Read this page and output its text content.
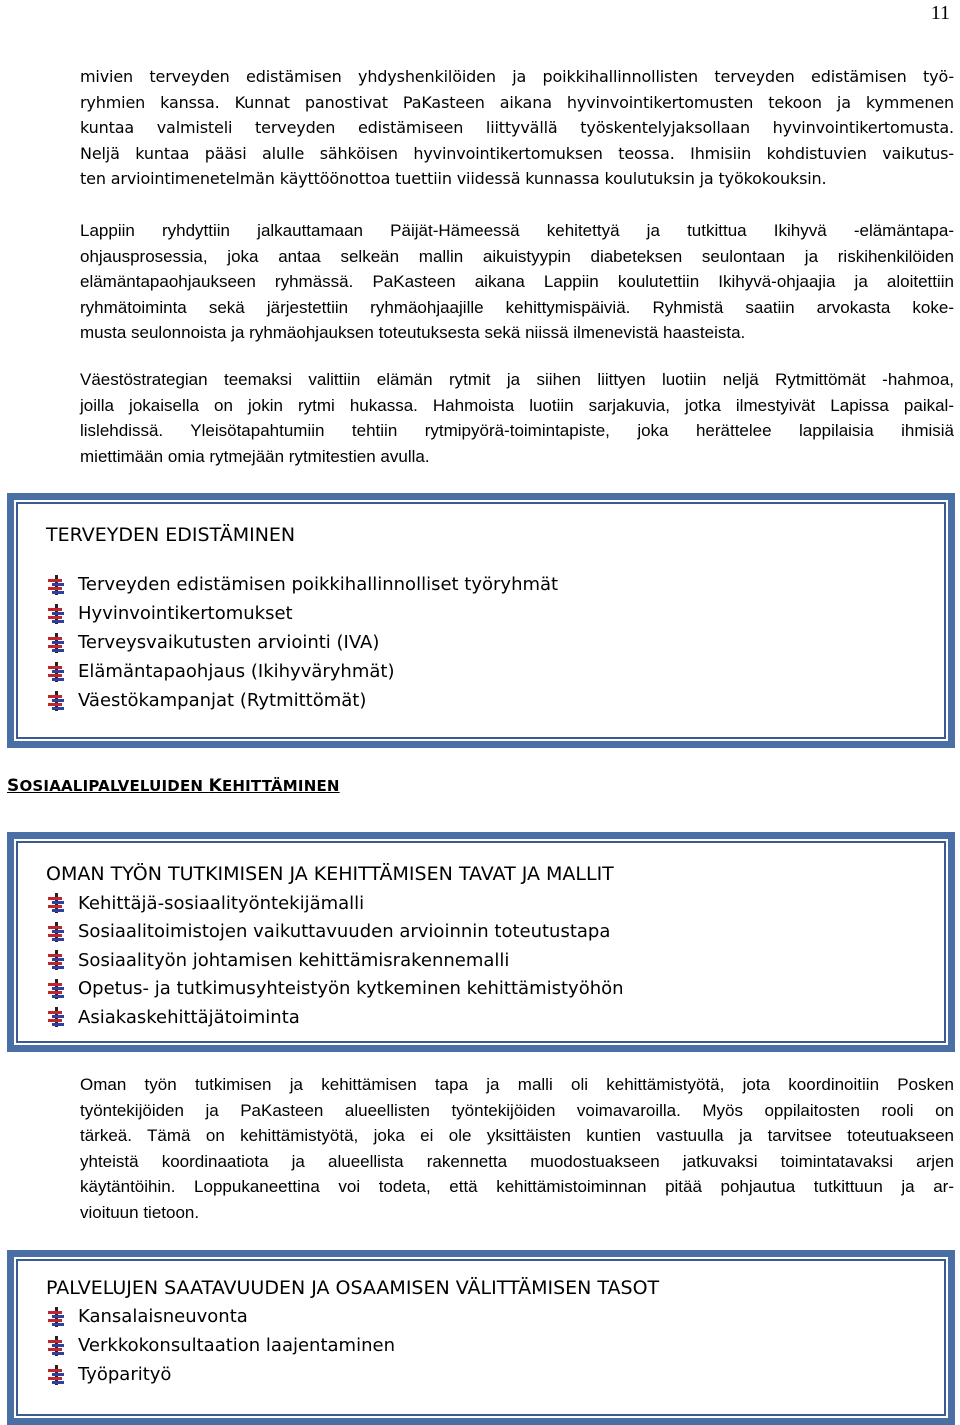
11

mivien terveyden edistämisen yhdyshenkilöiden ja poikkihallinnollisten terveyden edistämisen työ-
ryhmien kanssa. Kunnat panostivat PaKasteen aikana hyvinvointikertomusten tekoon ja kymmenen
kuntaa valmisteli terveyden edistämiseen liittyvällä työskentelyjaksollaan hyvinvointikertomusta.
Neljä kuntaa pääsi alulle sähköisen hyvinvointikertomuksen teossa. Ihmisiin kohdistuvien vaikutus-
ten arviointimenetelmän käyttöönottoa tuettiin viidessä kunnassa koulutuksin ja työkokouksin.

Lappiin ryhdyttiin jalkauttamaan Päijät-Hämeessä kehitettyä ja tutkittua Ikihyvä -elämäntapa-
ohjausprosessia, joka antaa selkeän mallin aikuistyypin diabeteksen seulontaan ja riskihenkilöiden
elämäntapaohjaukseen ryhmässä. PaKasteen aikana Lappiin koulutettiin Ikihyvä-ohjaajia ja aloitettiin
ryhmätoiminta sekä järjestettiin ryhmäohjaajille kehittymispäiviä. Ryhmistä saatiin arvokasta koke-
musta seulonnoista ja ryhmäohjauksen toteutuksesta sekä niissä ilmenevistä haasteista.

Väestöstrategian teemaksi valittiin elämän rytmit ja siihen liittyen luotiin neljä Rytmittömät -hahmoa,
joilla jokaisella on jokin rytmi hukassa. Hahmoista luotiin sarjakuvia, jotka ilmestyivät Lapissa paikal-
lislehdissä. Yleisötapahtumiin tehtiin rytmipyörä-toimintapiste, joka herättelee lappilaisia ihmisiä
miettimään omia rytmejään rytmitestien avulla.

TERVEYDEN EDISTÄMINEN
Terveyden edistämisen poikkihallinnolliset työryhmät
Hyvinvointikertomukset
Terveysvaikutusten arviointi (IVA)
Elämäntapaohjaus (Ikihyväryhmät)
Väestökampanjat (Rytmittömät)
SOSIAALIPALVELUIDEN KEHITTÄMINEN
OMAN TYÖN TUTKIMISEN JA KEHITTÄMISEN TAVAT JA MALLIT
Kehittäjä-sosiaalityöntekijämalli
Sosiaalitoimistojen vaikuttavuuden arvioinnin toteutustapa
Sosiaalityön johtamisen kehittämisrakennemalli
Opetus- ja tutkimusyhteistyön kytkeminen kehittämistyöhön
Asiakaskehittäjätoiminta

Oman työn tutkimisen ja kehittämisen tapa ja malli oli kehittämistyötä, jota koordinoitiin Posken
työntekijöiden ja PaKasteen alueellisten työntekijöiden voimavaroilla. Myös oppilaitosten rooli on
tärkeä. Tämä on kehittämistyötä, joka ei ole yksittäisten kuntien vastuulla ja tarvitsee toteutuakseen
yhteistä koordinaatiota ja alueellista rakennetta muodostuakseen jatkuvaksi toimintatavaksi arjen
käytäntöihin. Loppukaneettina voi todeta, että kehittämistoiminnan pitää pohjautua tutkittuun ja ar-
vioituun tietoon.

PALVELUJEN SAATAVUUDEN JA OSAAMISEN VÄLITTÄMISEN TASOT
Kansalaisneuvonta
Verkkokonsultaation laajentaminen
Työparityö
